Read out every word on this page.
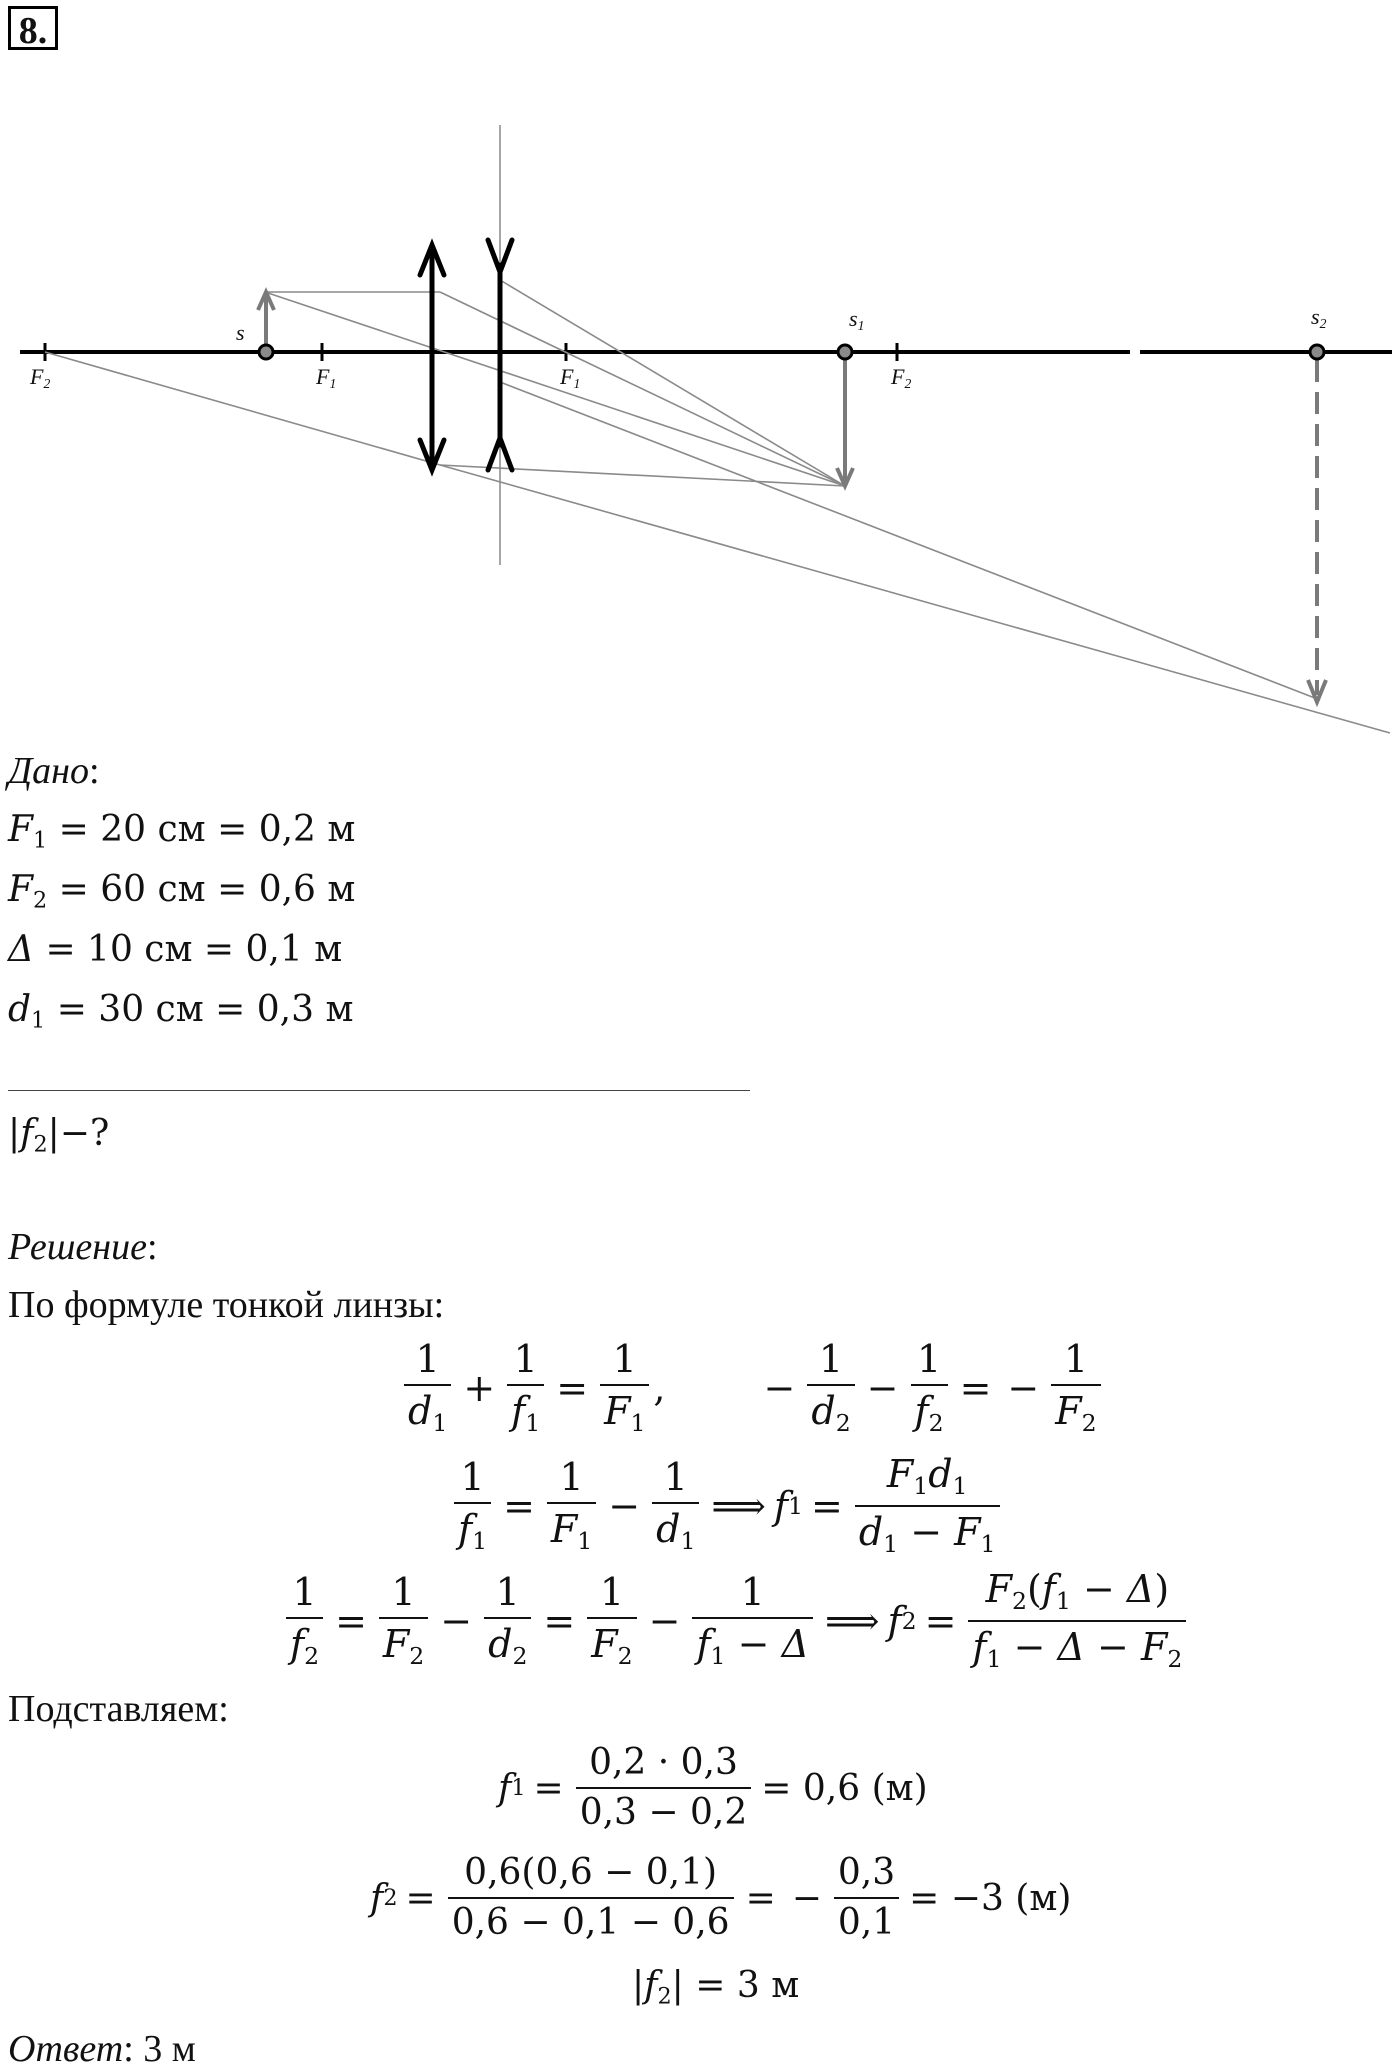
8.
s
$s_1$	$s_2$
$F_2$	$F_1$	$F_1$	$F_2$
Дано:
$F_1 = 20$ см = 0,2 м
$F_2 = 60$ см = 0,6 м
Δ = 10 см = 0,1 м
$d_1 = 30$ см = 0,3 м
$|f_2|-$?
Решение:
По формуле тонкой линзы:
$\frac{1}{d_1} + \frac{1}{f_1} = \frac{1}{F_1}$ ,	− $\frac{1}{d_2} - \frac{1}{f_2}$ = − $\frac{1}{F_2}$
$\frac{1}{f_1} = \frac{1}{F_1} - \frac{1}{d_1}$ ⟹ f $1 = \frac{F_1d_1}{d_1 - F_1}$
$\frac{1}{f_2} = \frac{1}{F_2} - \frac{1}{d_2} = \frac{1}{F_2} - \frac{1}{f_1 - \Delta}$ ⟹ f $2 = \frac{F_2(f_1 - \Delta)}{f_1 - \Delta - F_2}$
Подставляем:
f $1 = \frac{0,2 \cdot 0,3}{0,3 - 0,2} = 0,6$ (м)
f $2 = \frac{0,6(0,6 - 0,1)}{0,6 - 0,1 - 0,6}$ = − $\frac{0,3}{0,1} = -3$ (м)
$|f_2| = 3$ м
Ответ: 3 м
